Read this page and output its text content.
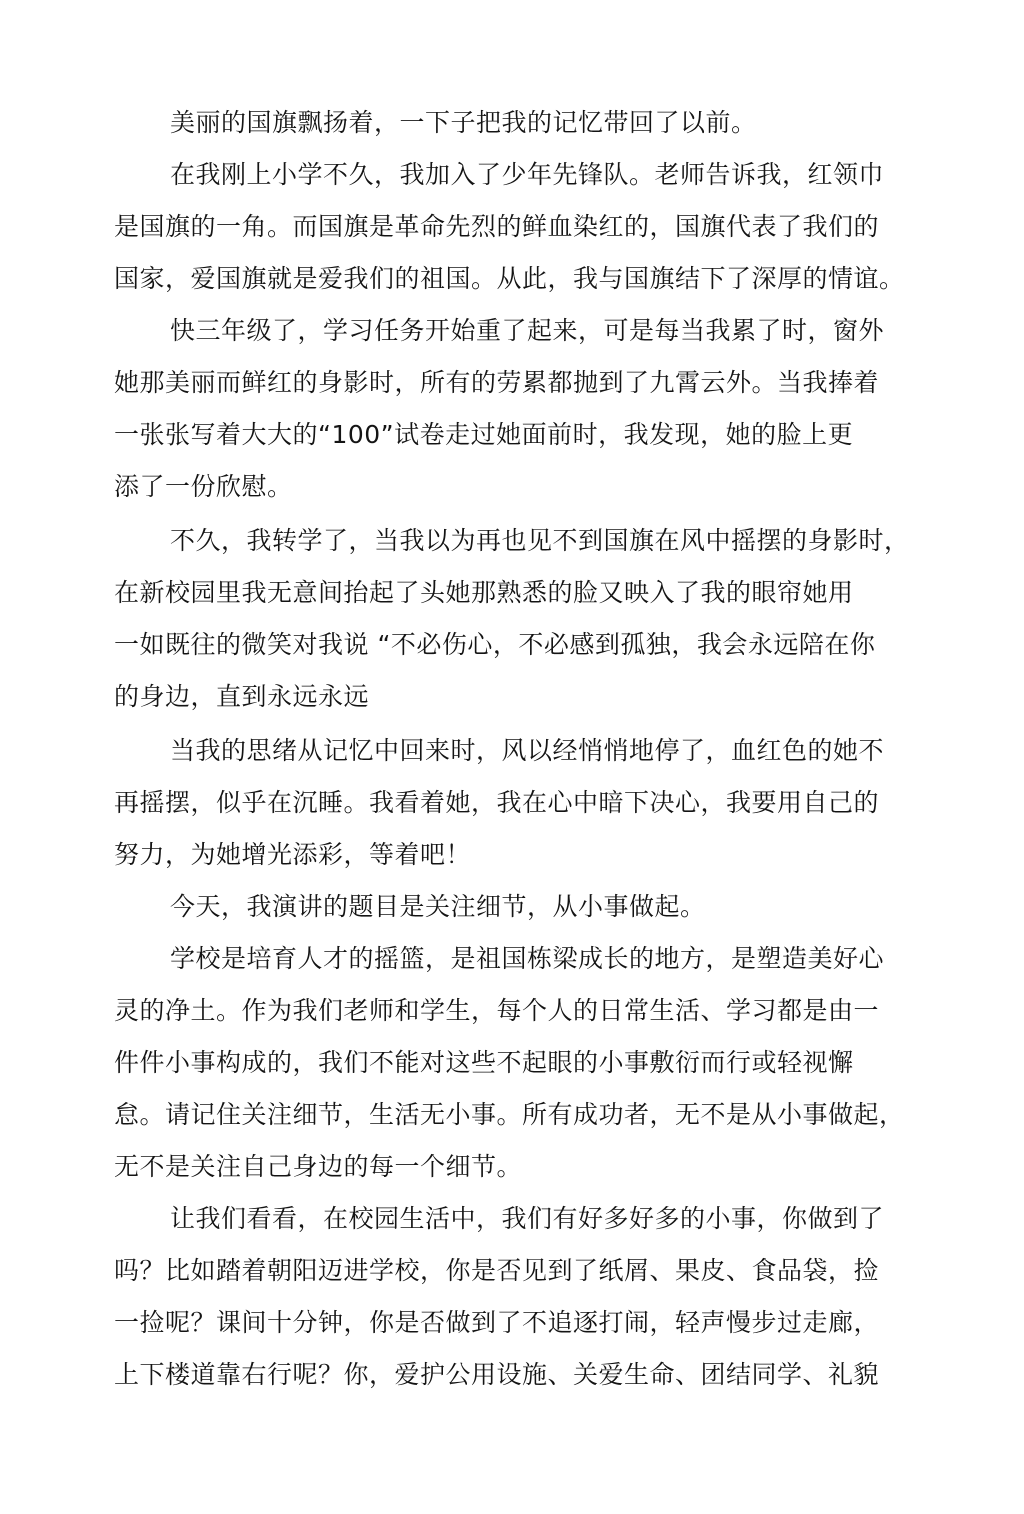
美丽的国旗飘扬着，一下子把我的记忆带回了以前。
在我刚上小学不久，我加入了少年先锋队。老师告诉我，红领巾
是国旗的一角。而国旗是革命先烈的鲜血染红的，国旗代表了我们的
国家，爱国旗就是爱我们的祖国。从此，我与国旗结下了深厚的情谊。
快三年级了，学习任务开始重了起来，可是每当我累了时，窗外
她那美丽而鲜红的身影时，所有的劳累都抛到了九霄云外。当我捧着
一张张写着大大的“100”试卷走过她面前时，我发现，她的脸上更
添了一份欣慰。
不久，我转学了，当我以为再也见不到国旗在风中摇摆的身影时，
在新校园里我无意间抬起了头她那熟悉的脸又映入了我的眼帘她用
一如既往的微笑对我说 “不必伤心，不必感到孤独，我会永远陪在你
的身边，直到永远永远
当我的思绪从记忆中回来时，风以经悄悄地停了，血红色的她不
再摇摆，似乎在沉睡。我看着她，我在心中暗下决心，我要用自己的
努力，为她增光添彩，等着吧！
今天，我演讲的题目是关注细节，从小事做起。
学校是培育人才的摇篮，是祖国栋梁成长的地方，是塑造美好心
灵的净土。作为我们老师和学生，每个人的日常生活、学习都是由一
件件小事构成的，我们不能对这些不起眼的小事敷衍而行或轻视懈
怠。请记住关注细节，生活无小事。所有成功者，无不是从小事做起，
无不是关注自己身边的每一个细节。
让我们看看，在校园生活中，我们有好多好多的小事，你做到了
吗？比如踏着朝阳迈进学校，你是否见到了纸屑、果皮、食品袋，捡
一捡呢？课间十分钟，你是否做到了不追逐打闹，轻声慢步过走廊，
上下楼道靠右行呢？你，爱护公用设施、关爱生命、团结同学、礼貌
